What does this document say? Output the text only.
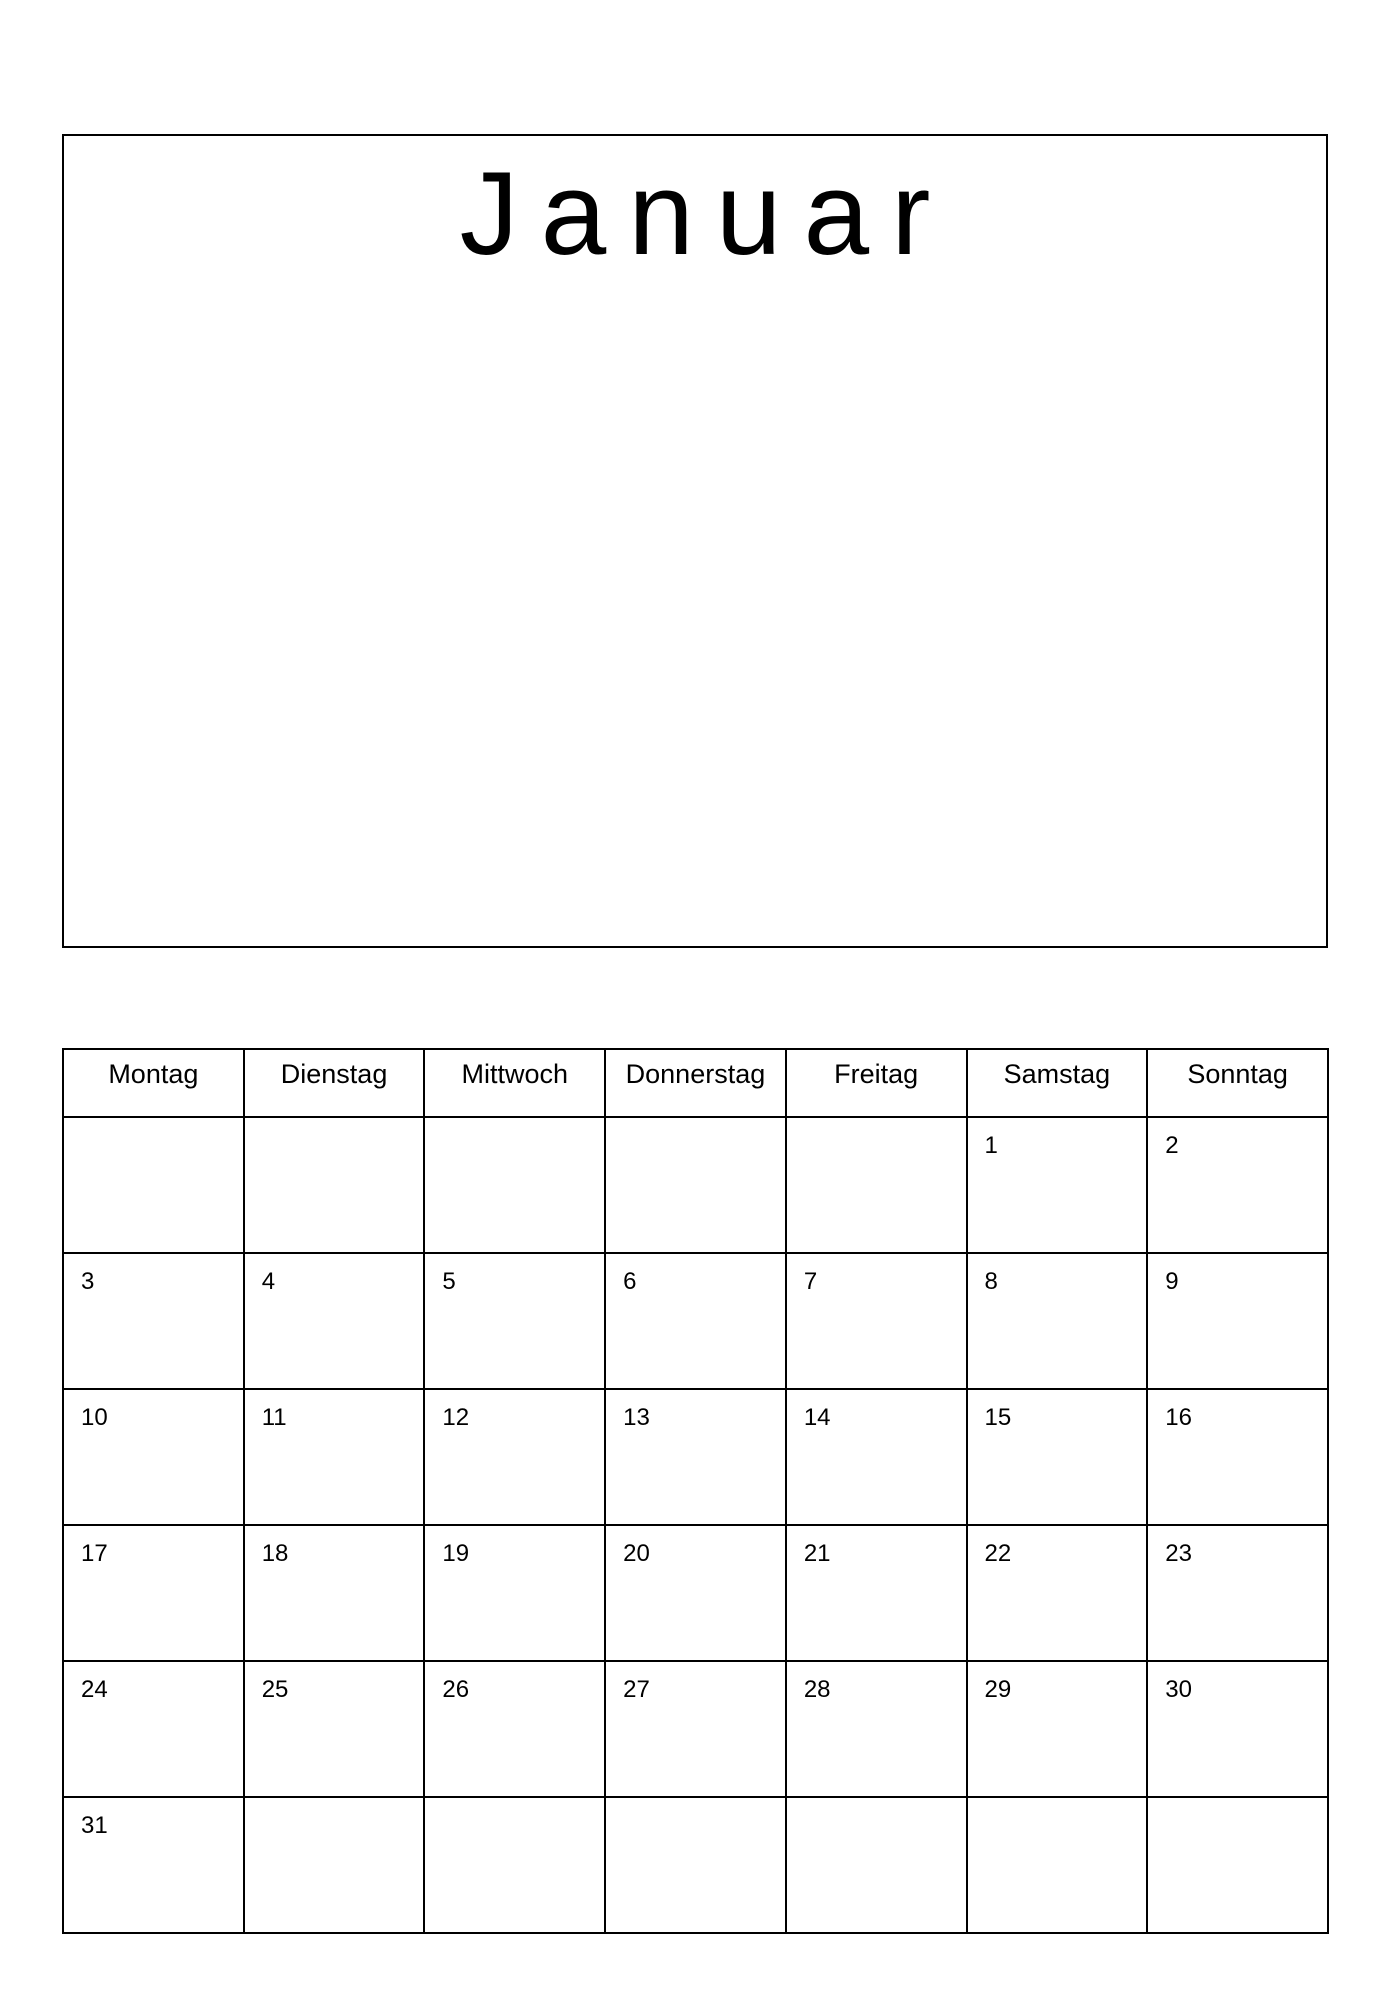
Januar
Montag	Dienstag	Mittwoch	Donnerstag	Freitag	Samstag	Sonntag
					1	2
3	4	5	6	7	8	9
10	11	12	13	14	15	16
17	18	19	20	21	22	23
24	25	26	27	28	29	30
31						
